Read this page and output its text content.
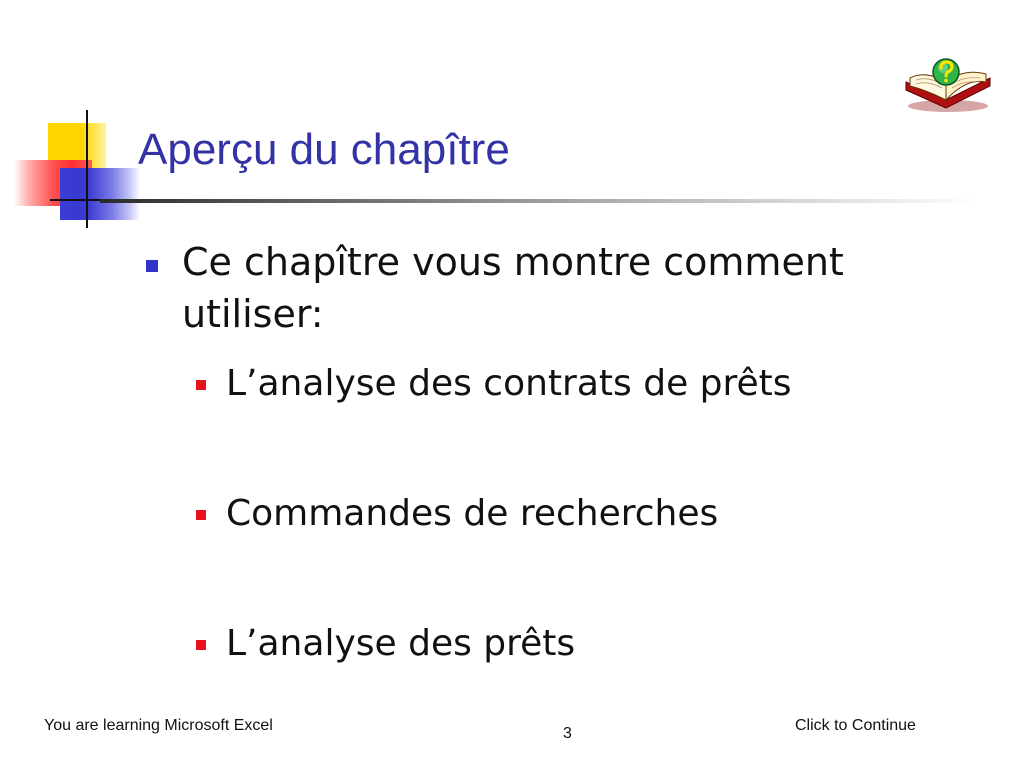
Aperçu du chapître
Ce chapître vous montre comment utiliser:
L’analyse des contrats de prêts
Commandes de recherches
L’analyse des prêts
You are learning Microsoft Excel	3	Click to Continue
